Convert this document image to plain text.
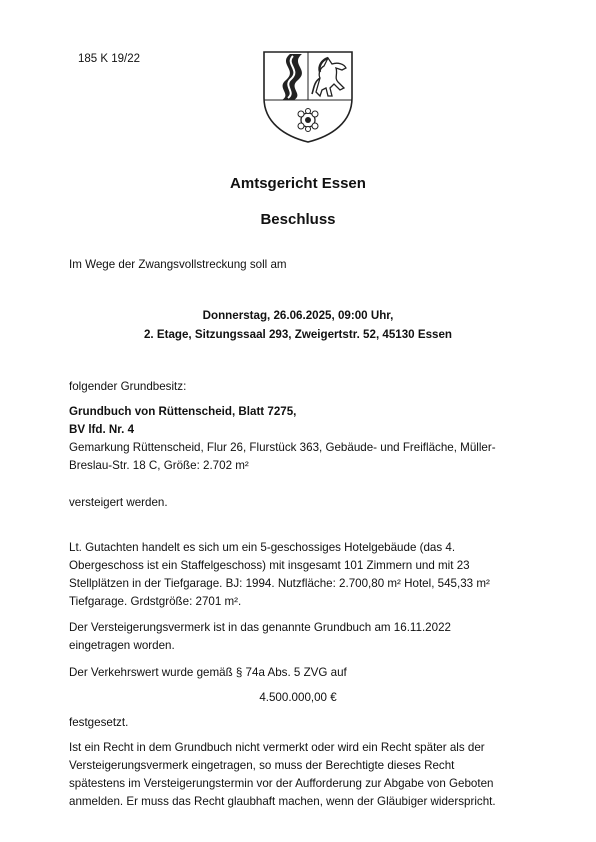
185 K 19/22
Amtsgericht Essen
Beschluss
Im Wege der Zwangsvollstreckung soll am
Donnerstag, 26.06.2025, 09:00 Uhr,
2. Etage, Sitzungssaal 293, Zweigertstr. 52, 45130 Essen
folgender Grundbesitz:
Grundbuch von Rüttenscheid, Blatt 7275,
BV lfd. Nr. 4
Gemarkung Rüttenscheid, Flur 26, Flurstück 363, Gebäude- und Freifläche, Müller-
Breslau-Str. 18 C, Größe: 2.702 m²
versteigert werden.
Lt. Gutachten handelt es sich um ein 5-geschossiges Hotelgebäude (das 4.
Obergeschoss ist ein Staffelgeschoss) mit insgesamt 101 Zimmern und mit 23
Stellplätzen in der Tiefgarage. BJ: 1994. Nutzfläche: 2.700,80 m² Hotel, 545,33 m²
Tiefgarage. Grdstgröße: 2701 m².
Der Versteigerungsvermerk ist in das genannte Grundbuch am 16.11.2022
eingetragen worden.
Der Verkehrswert wurde gemäß § 74a Abs. 5 ZVG auf
4.500.000,00 €
festgesetzt.
Ist ein Recht in dem Grundbuch nicht vermerkt oder wird ein Recht später als der
Versteigerungsvermerk eingetragen, so muss der Berechtigte dieses Recht
spätestens im Versteigerungstermin vor der Aufforderung zur Abgabe von Geboten
anmelden. Er muss das Recht glaubhaft machen, wenn der Gläubiger widerspricht.
